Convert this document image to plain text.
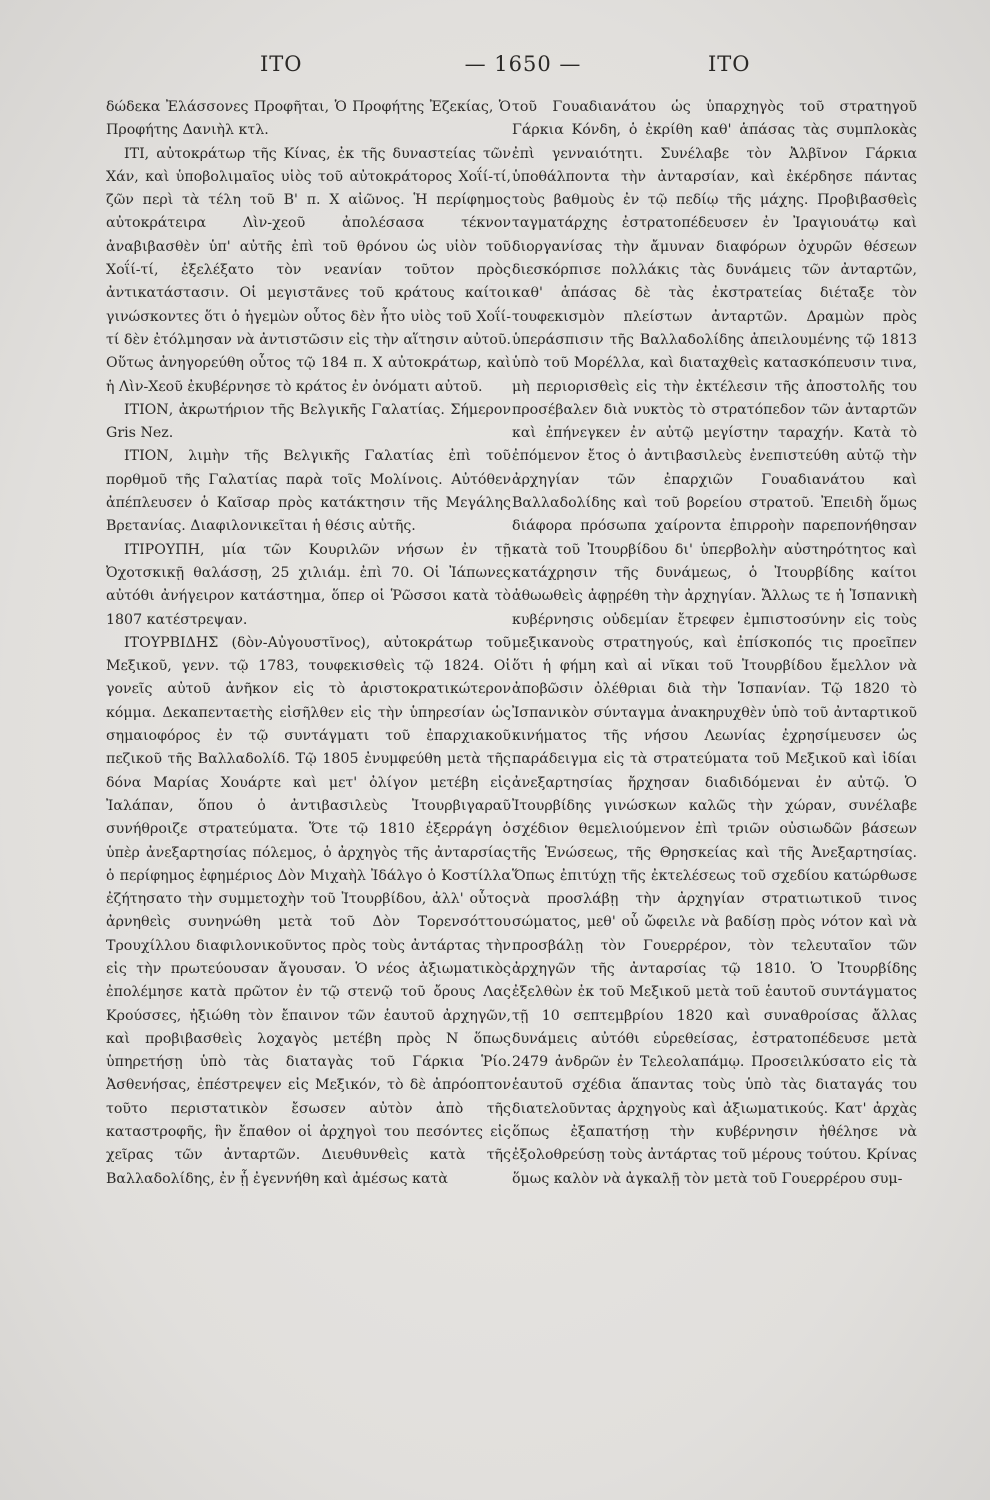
ΙΤΟ	— 1650 —	ΙΤΟ

δώδεκα Ἐλάσσονες Προφῆται, Ὁ Προφήτης Ἐζεκίας, Ὁ Προφήτης Δανιὴλ κτλ.

ΙΤΙ, αὐτοκράτωρ τῆς Κίνας, ἐκ τῆς δυναστείας τῶν Χάν, καὶ ὑποβολιμαῖος υἱὸς τοῦ αὐτοκράτορος Χοΐί-τί, ζῶν περὶ τὰ τέλη τοῦ Β' π. Χ αἰῶνος. Ἡ περίφημος αὐτοκράτειρα Λὶν-χεοῦ ἀπολέσασα τέκνον ἀναβιβασθὲν ὑπ' αὐτῆς ἐπὶ τοῦ θρόνου ὡς υἱὸν τοῦ Χοΐί-τί, ἐξελέξατο τὸν νεανίαν τοῦτον πρὸς ἀντικατάστασιν. Οἱ μεγιστᾶνες τοῦ κράτους καίτοι γινώσκοντες ὅτι ὁ ἡγεμὼν οὗτος δὲν ἦτο υἱὸς τοῦ Χοΐί-τί δὲν ἐτόλμησαν νὰ ἀντιστῶσιν εἰς τὴν αἵτησιν αὐτοῦ. Οὕτως ἀνηγορεύθη οὗτος τῷ 184 π. Χ αὐτοκράτωρ, καὶ ἡ Λὶν-Χεοῦ ἐκυβέρνησε τὸ κράτος ἐν ὀνόματι αὐτοῦ.

ΙΤΙΟΝ, ἀκρωτήριον τῆς Βελγικῆς Γαλατίας. Σήμερον Gris Nez.

ΙΤΙΟΝ, λιμὴν τῆς Βελγικῆς Γαλατίας ἐπὶ τοῦ πορθμοῦ τῆς Γαλατίας παρὰ τοῖς Μολίνοις. Αὐτόθεν ἀπέπλευσεν ὁ Καῖσαρ πρὸς κατάκτησιν τῆς Μεγάλης Βρετανίας. Διαφιλονικεῖται ἡ θέσις αὐτῆς.

ΙΤΙΡΟΥΠΗ, μία τῶν Κουριλῶν νήσων ἐν τῇ Ὀχοτσκικῇ θαλάσσῃ, 25 χιλιάμ. ἐπὶ 70. Οἱ Ἰάπωνες αὐτόθι ἀνήγειρον κατάστημα, ὅπερ οἱ Ῥῶσσοι κατὰ τὸ 1807 κατέστρεψαν.

ΙΤΟΥΡΒΙΔΗΣ (δὸν-Αὐγουστῖνος), αὐτοκράτωρ τοῦ Μεξικοῦ, γενν. τῷ 1783, τουφεκισθεὶς τῷ 1824. Οἱ γονεῖς αὐτοῦ ἀνῆκον εἰς τὸ ἀριστοκρατικώτερον κόμμα. Δεκαπενταετὴς εἰσῆλθεν εἰς τὴν ὑπηρεσίαν ὡς σημαιοφόρος ἐν τῷ συντάγματι τοῦ ἐπαρχιακοῦ πεζικοῦ τῆς Βαλλαδολίδ. Τῷ 1805 ἐνυμφεύθη μετὰ τῆς δόνα Μαρίας Χουάρτε καὶ μετ' ὀλίγον μετέβη εἰς Ἰαλάπαν, ὅπου ὁ ἀντιβασιλεὺς Ἰτουρβιγαραῦ συνήθροιζε στρατεύματα. Ὅτε τῷ 1810 ἐξερράγη ὁ ὑπὲρ ἀνεξαρτησίας πόλεμος, ὁ ἀρχηγὸς τῆς ἀνταρσίας ὁ περίφημος ἐφημέριος Δὸν Μιχαὴλ Ἰδάλγο ὁ Κοστίλλα ἐζήτησατο τὴν συμμετοχὴν τοῦ Ἰτουρβίδου, ἀλλ' οὗτος ἀρνηθεὶς συνηνώθη μετὰ τοῦ Δὸν Τορενσόττου Τρουχίλλου διαφιλονικοῦντος πρὸς τοὺς ἀντάρτας τὴν εἰς τὴν πρωτεύουσαν ἄγουσαν. Ὁ νέος ἀξιωματικὸς ἐπολέμησε κατὰ πρῶτον ἐν τῷ στενῷ τοῦ ὄρους Λας Κρούσσες, ἠξιώθη τὸν ἔπαινον τῶν ἑαυτοῦ ἀρχηγῶν, καὶ προβιβασθεὶς λοχαγὸς μετέβη πρὸς Ν ὅπως ὑπηρετήσῃ ὑπὸ τὰς διαταγὰς τοῦ Γάρκια Ῥίο. Ἀσθενήσας, ἐπέστρεψεν εἰς Μεξικόν, τὸ δὲ ἀπρόοπτον τοῦτο περιστατικὸν ἔσωσεν αὐτὸν ἀπὸ τῆς καταστροφῆς, ἣν ἔπαθον οἱ ἀρχηγοὶ του πεσόντες εἰς χεῖρας τῶν ἀνταρτῶν. Διευθυνθεὶς κατὰ τῆς Βαλλαδολίδης, ἐν ᾗ ἐγεννήθη καὶ ἀμέσως κατὰ

τοῦ Γουαδιανάτου ὡς ὑπαρχηγὸς τοῦ στρατηγοῦ Γάρκια Κόνδη, ὁ ἐκρίθη καθ' ἁπάσας τὰς συμπλοκὰς ἐπὶ γενναιότητι. Συνέλαβε τὸν Ἀλβῖνον Γάρκια ὑποθάλποντα τὴν ἀνταρσίαν, καὶ ἐκέρδησε πάντας τοὺς βαθμοὺς ἐν τῷ πεδίῳ τῆς μάχης. Προβιβασθεὶς ταγματάρχης ἐστρατοπέδευσεν ἐν Ἰραγιουάτῳ καὶ διοργανίσας τὴν ἄμυναν διαφόρων ὀχυρῶν θέσεων διεσκόρπισε πολλάκις τὰς δυνάμεις τῶν ἀνταρτῶν, καθ' ἁπάσας δὲ τὰς ἐκστρατείας διέταξε τὸν τουφεκισμὸν πλείστων ἀνταρτῶν. Δραμὼν πρὸς ὑπεράσπισιν τῆς Βαλλαδολίδης ἀπειλουμένης τῷ 1813 ὑπὸ τοῦ Μορέλλα, καὶ διαταχθεὶς κατασκόπευσιν τινα, μὴ περιορισθεὶς εἰς τὴν ἐκτέλεσιν τῆς ἀποστολῆς του προσέβαλεν διὰ νυκτὸς τὸ στρατόπεδον τῶν ἀνταρτῶν καὶ ἐπήνεγκεν ἐν αὐτῷ μεγίστην ταραχήν. Κατὰ τὸ ἐπόμενον ἔτος ὁ ἀντιβασιλεὺς ἐνεπιστεύθη αὐτῷ τὴν ἀρχηγίαν τῶν ἐπαρχιῶν Γουαδιανάτου καὶ Βαλλαδολίδης καὶ τοῦ βορείου στρατοῦ. Ἐπειδὴ ὅμως διάφορα πρόσωπα χαίροντα ἐπιρροὴν παρεπονήθησαν κατὰ τοῦ Ἰτουρβίδου δι' ὑπερβολὴν αὐστηρότητος καὶ κατάχρησιν τῆς δυνάμεως, ὁ Ἰτουρβίδης καίτοι ἀθωωθεὶς ἀφῃρέθη τὴν ἀρχηγίαν. Ἄλλως τε ἡ Ἰσπανικὴ κυβέρνησις οὐδεμίαν ἔτρεφεν ἐμπιστοσύνην εἰς τοὺς μεξικανοὺς στρατηγούς, καὶ ἐπίσκοπός τις προεῖπεν ὅτι ἡ φήμη καὶ αἱ νῖκαι τοῦ Ἰτουρβίδου ἔμελλον νὰ ἀποβῶσιν ὀλέθριαι διὰ τὴν Ἱσπανίαν. Τῷ 1820 τὸ Ἰσπανικὸν σύνταγμα ἀνακηρυχθὲν ὑπὸ τοῦ ἀνταρτικοῦ κινήματος τῆς νήσου Λεωνίας ἐχρησίμευσεν ὡς παράδειγμα εἰς τὰ στρατεύματα τοῦ Μεξικοῦ καὶ ἰδίαι ἀνεξαρτησίας ἤρχησαν διαδιδόμεναι ἐν αὐτῷ. Ὁ Ἰτουρβίδης γινώσκων καλῶς τὴν χώραν, συνέλαβε σχέδιον θεμελιούμενον ἐπὶ τριῶν οὐσιωδῶν βάσεων τῆς Ἑνώσεως, τῆς Θρησκείας καὶ τῆς Ἀνεξαρτησίας. Ὅπως ἐπιτύχῃ τῆς ἐκτελέσεως τοῦ σχεδίου κατώρθωσε νὰ προσλάβῃ τὴν ἀρχηγίαν στρατιωτικοῦ τινος σώματος, μεθ' οὗ ὤφειλε νὰ βαδίσῃ πρὸς νότον καὶ νὰ προσβάλῃ τὸν Γουερρέρον, τὸν τελευταῖον τῶν ἀρχηγῶν τῆς ἀνταρσίας τῷ 1810. Ὁ Ἰτουρβίδης ἐξελθὼν ἐκ τοῦ Μεξικοῦ μετὰ τοῦ ἑαυτοῦ συντάγματος τῇ 10 σεπτεμβρίου 1820 καὶ συναθροίσας ἄλλας δυνάμεις αὐτόθι εὑρεθείσας, ἐστρατοπέδευσε μετὰ 2479 ἀνδρῶν ἐν Τελεολαπάμῳ. Προσειλκύσατο εἰς τὰ ἑαυτοῦ σχέδια ἅπαντας τοὺς ὑπὸ τὰς διαταγάς του διατελοῦντας ἀρχηγοὺς καὶ ἀξιωματικούς. Κατ' ἀρχὰς ὅπως ἐξαπατήσῃ τὴν κυβέρνησιν ἠθέλησε νὰ ἐξολοθρεύσῃ τοὺς ἀντάρτας τοῦ μέρους τούτου. Κρίνας ὅμως καλὸν νὰ ἀγκαλῇ τὸν μετὰ τοῦ Γουερρέρου συμ-
